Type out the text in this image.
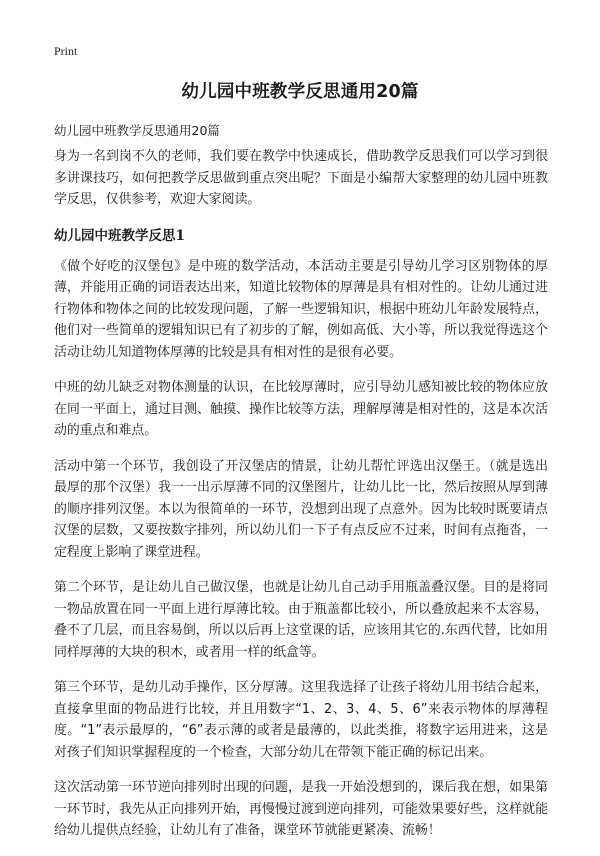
Print
幼儿园中班教学反思通用20篇

幼儿园中班教学反思通用20篇

身为一名到岗不久的老师，我们要在教学中快速成长，借助教学反思我们可以学习到很多讲课技巧，如何把教学反思做到重点突出呢？下面是小编帮大家整理的幼儿园中班教学反思，仅供参考，欢迎大家阅读。

幼儿园中班教学反思1

《做个好吃的汉堡包》是中班的数学活动，本活动主要是引导幼儿学习区别物体的厚薄，并能用正确的词语表达出来，知道比较物体的厚薄是具有相对性的。让幼儿通过进行物体和物体之间的比较发现问题，了解一些逻辑知识，根据中班幼儿年龄发展特点，他们对一些简单的逻辑知识已有了初步的了解，例如高低、大小等，所以我觉得选这个活动让幼儿知道物体厚薄的比较是具有相对性的是很有必要。

中班的幼儿缺乏对物体测量的认识，在比较厚薄时，应引导幼儿感知被比较的物体应放在同一平面上，通过目测、触摸、操作比较等方法，理解厚薄是相对性的，这是本次活动的重点和难点。

活动中第一个环节，我创设了开汉堡店的情景，让幼儿帮忙评选出汉堡王。（就是选出最厚的那个汉堡）我一一出示厚薄不同的汉堡图片，让幼儿比一比，然后按照从厚到薄的顺序排列汉堡。本以为很简单的一环节，没想到出现了点意外。因为比较时既要请点汉堡的层数，又要按数字排列，所以幼儿们一下子有点反应不过来，时间有点拖沓，一定程度上影响了课堂进程。

第二个环节，是让幼儿自己做汉堡，也就是让幼儿自己动手用瓶盖叠汉堡。目的是将同一物品放置在同一平面上进行厚薄比较。由于瓶盖都比较小，所以叠放起来不太容易，叠不了几层，而且容易倒，所以以后再上这堂课的话，应该用其它的.东西代替，比如用同样厚薄的大块的积木，或者用一样的纸盒等。

第三个环节，是幼儿动手操作，区分厚薄。这里我选择了让孩子将幼儿用书结合起来，直接拿里面的物品进行比较，并且用数字“1、2、3、4、5、6”来表示物体的厚薄程度。“1”表示最厚的，“6”表示薄的或者是最薄的，以此类推，将数字运用进来，这是对孩子们知识掌握程度的一个检查，大部分幼儿在带领下能正确的标记出来。

这次活动第一环节逆向排列时出现的问题，是我一开始没想到的，课后我在想，如果第一环节时，我先从正向排列开始，再慢慢过渡到逆向排列，可能效果要好些，这样就能给幼儿提供点经验，让幼儿有了准备，课堂环节就能更紧凑、流畅！
